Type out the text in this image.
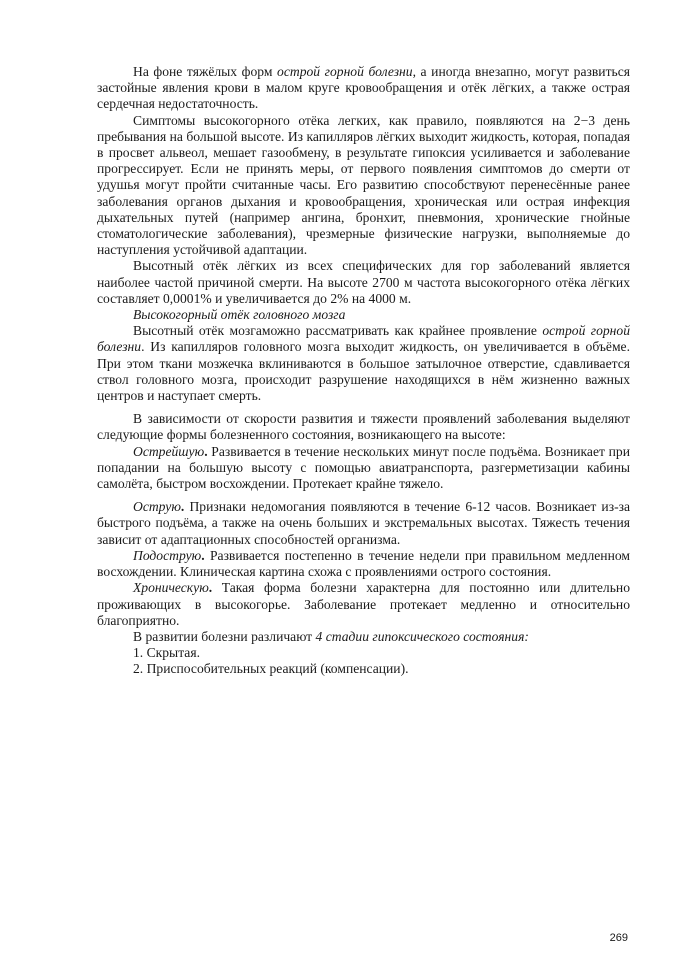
На фоне тяжёлых форм острой горной болезни, а иногда внезапно, могут развиться застойные явления крови в малом круге кровообращения и отёк лёгких, а также острая сердечная недостаточность.

Симптомы высокогорного отёка легких, как правило, появляются на 2−3 день пребывания на большой высоте. Из капилляров лёгких выходит жидкость, которая, попадая в просвет альвеол, мешает газообмену, в результате гипоксия усиливается и заболевание прогрессирует. Если не принять меры, от первого появления симптомов до смерти от удушья могут пройти считанные часы. Его развитию способствуют перенесённые ранее заболевания органов дыхания и кровообращения, хроническая или острая инфекция дыхательных путей (например ангина, бронхит, пневмония, хронические гнойные стоматологические заболевания), чрезмерные физические нагрузки, выполняемые до наступления устойчивой адаптации.

Высотный отёк лёгких из всех специфических для гор заболеваний является наиболее частой причиной смерти. На высоте 2700 м частота высокогорного отёка лёгких составляет 0,0001% и увеличивается до 2% на 4000 м.

Высокогорный отёк головного мозга

Высотный отёк мозгаможно рассматривать как крайнее проявление острой горной болезни. Из капилляров головного мозга выходит жидкость, он увеличивается в объёме. При этом ткани мозжечка вклиниваются в большое затылочное отверстие, сдавливается ствол головного мозга, происходит разрушение находящихся в нём жизненно важных центров и наступает смерть.

В зависимости от скорости развития и тяжести проявлений заболевания выделяют следующие формы болезненного состояния, возникающего на высоте:

Острейшую. Развивается в течение нескольких минут после подъёма. Возникает при попадании на большую высоту с помощью авиатранспорта, разгерметизации кабины самолёта, быстром восхождении. Протекает крайне тяжело.

Острую. Признаки недомогания появляются в течение 6-12 часов. Возникает из-за быстрого подъёма, а также на очень больших и экстремальных высотах. Тяжесть течения зависит от адаптационных способностей организма.

Подострую. Развивается постепенно в течение недели при правильном медленном восхождении. Клиническая картина схожа с проявлениями острого состояния.

Хроническую. Такая форма болезни характерна для постоянно или длительно проживающих в высокогорье. Заболевание протекает медленно и относительно благоприятно.

В развитии болезни различают 4 стадии гипоксического состояния:

1. Скрытая.
2. Приспособительных реакций (компенсации).
269
